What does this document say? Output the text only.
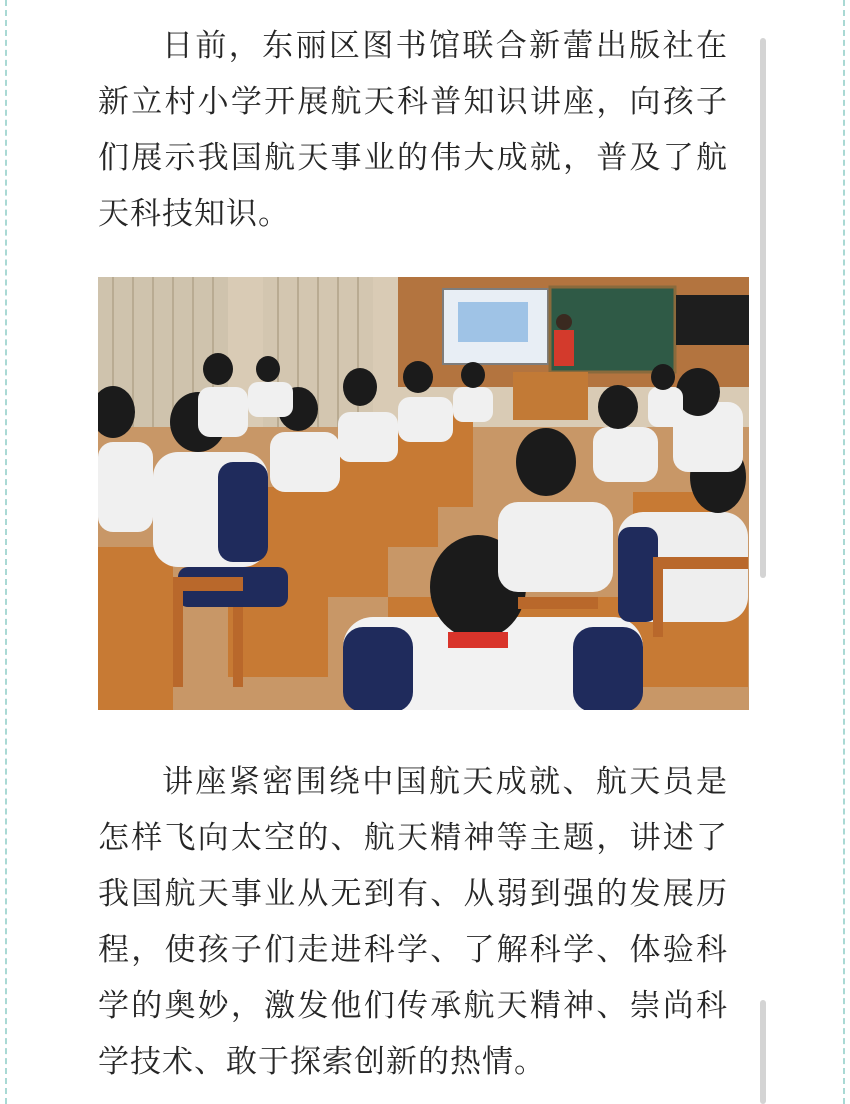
日前，东丽区图书馆联合新蕾出版社在新立村小学开展航天科普知识讲座，向孩子们展示我国航天事业的伟大成就，普及了航天科技知识。

讲座紧密围绕中国航天成就、航天员是怎样飞向太空的、航天精神等主题，讲述了我国航天事业从无到有、从弱到强的发展历程，使孩子们走进科学、了解科学、体验科学的奥妙，激发他们传承航天精神、崇尚科学技术、敢于探索创新的热情。
